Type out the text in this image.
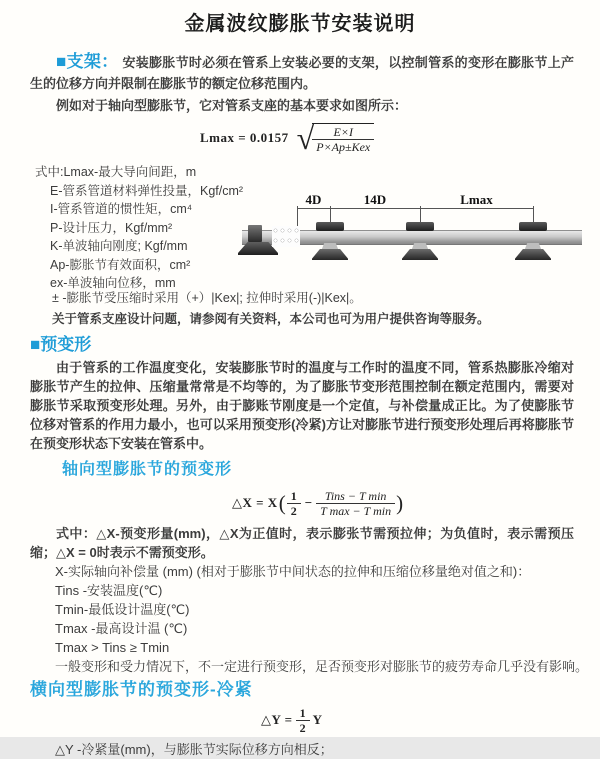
金属波纹膨胀节安装说明

■支架： 安装膨胀节时必须在管系上安装必要的支架，以控制管系的变形在膨胀节上产生的位移方向并限制在膨胀节的额定位移范围内。

例如对于轴向型膨胀节，它对管系支座的基本要求如图所示：

Lmax = 0.0157 √
$\frac{E\times I}{\text{P×Ap±Kex}}$
式中:Lmax-最大导向间距，m
E-管系管道材料弹性投量，Kgf/cm²
I-管系管道的惯性矩，cm⁴
P-设计压力，Kgf/mm²
K-单波轴向刚度; Kgf/mm
Ap-膨胀节有效面积，cm²
ex-单波轴向位移，mm
4D	14D	Lmax
± -膨胀节受压缩时采用（+）|Kex|; 拉伸时采用(-)|Kex|。
关于管系支座设计问题，请参阅有关资料，本公司也可为用户提供咨询等服务。
■预变形

由于管系的工作温度变化，安装膨胀节时的温度与工作时的温度不同，管系热膨胀冷缩对膨胀节产生的拉伸、压缩量常常是不均等的，为了膨胀节变形范围控制在额定范围内，需要对膨胀节采取预变形处理。另外，由于膨账节刚度是一个定值，与补偿量成正比。为了使膨胀节位移对管系的作用力最小，也可以采用预变形(冷紧)方让对膨胀节进行预变形处理后再将膨胀节在预变形状态下安装在管系中。

轴向型膨胀节的预变形
△X = X ( $\frac{1}{2} - \frac{\text{Tins − T min}}{\text{T max − T min}}$ )

式中：△X-预变形量(mm)，△X为正值时，表示膨张节需预拉伸；为负值时，表示需预压缩；△X = 0时表示不需预变形。

X-实际轴向补偿量 (mm) (相对于膨胀节中间状态的拉伸和压缩位移量绝对值之和)：
Tins -安装温度(℃)
Tmin-最低设计温度(℃)
Tmax -最高设计温 (℃)
Tmax > Tins ≥ Tmin
一般变形和受力情况下，不一定进行预变形，足否预变形对膨胀节的疲劳寿命几乎没有影响。
横向型膨胀节的预变形-冷紧
△Y = $\frac{1}{2}$ Y
△Y -冷紧量(mm)，与膨胀节实际位移方向相反；
